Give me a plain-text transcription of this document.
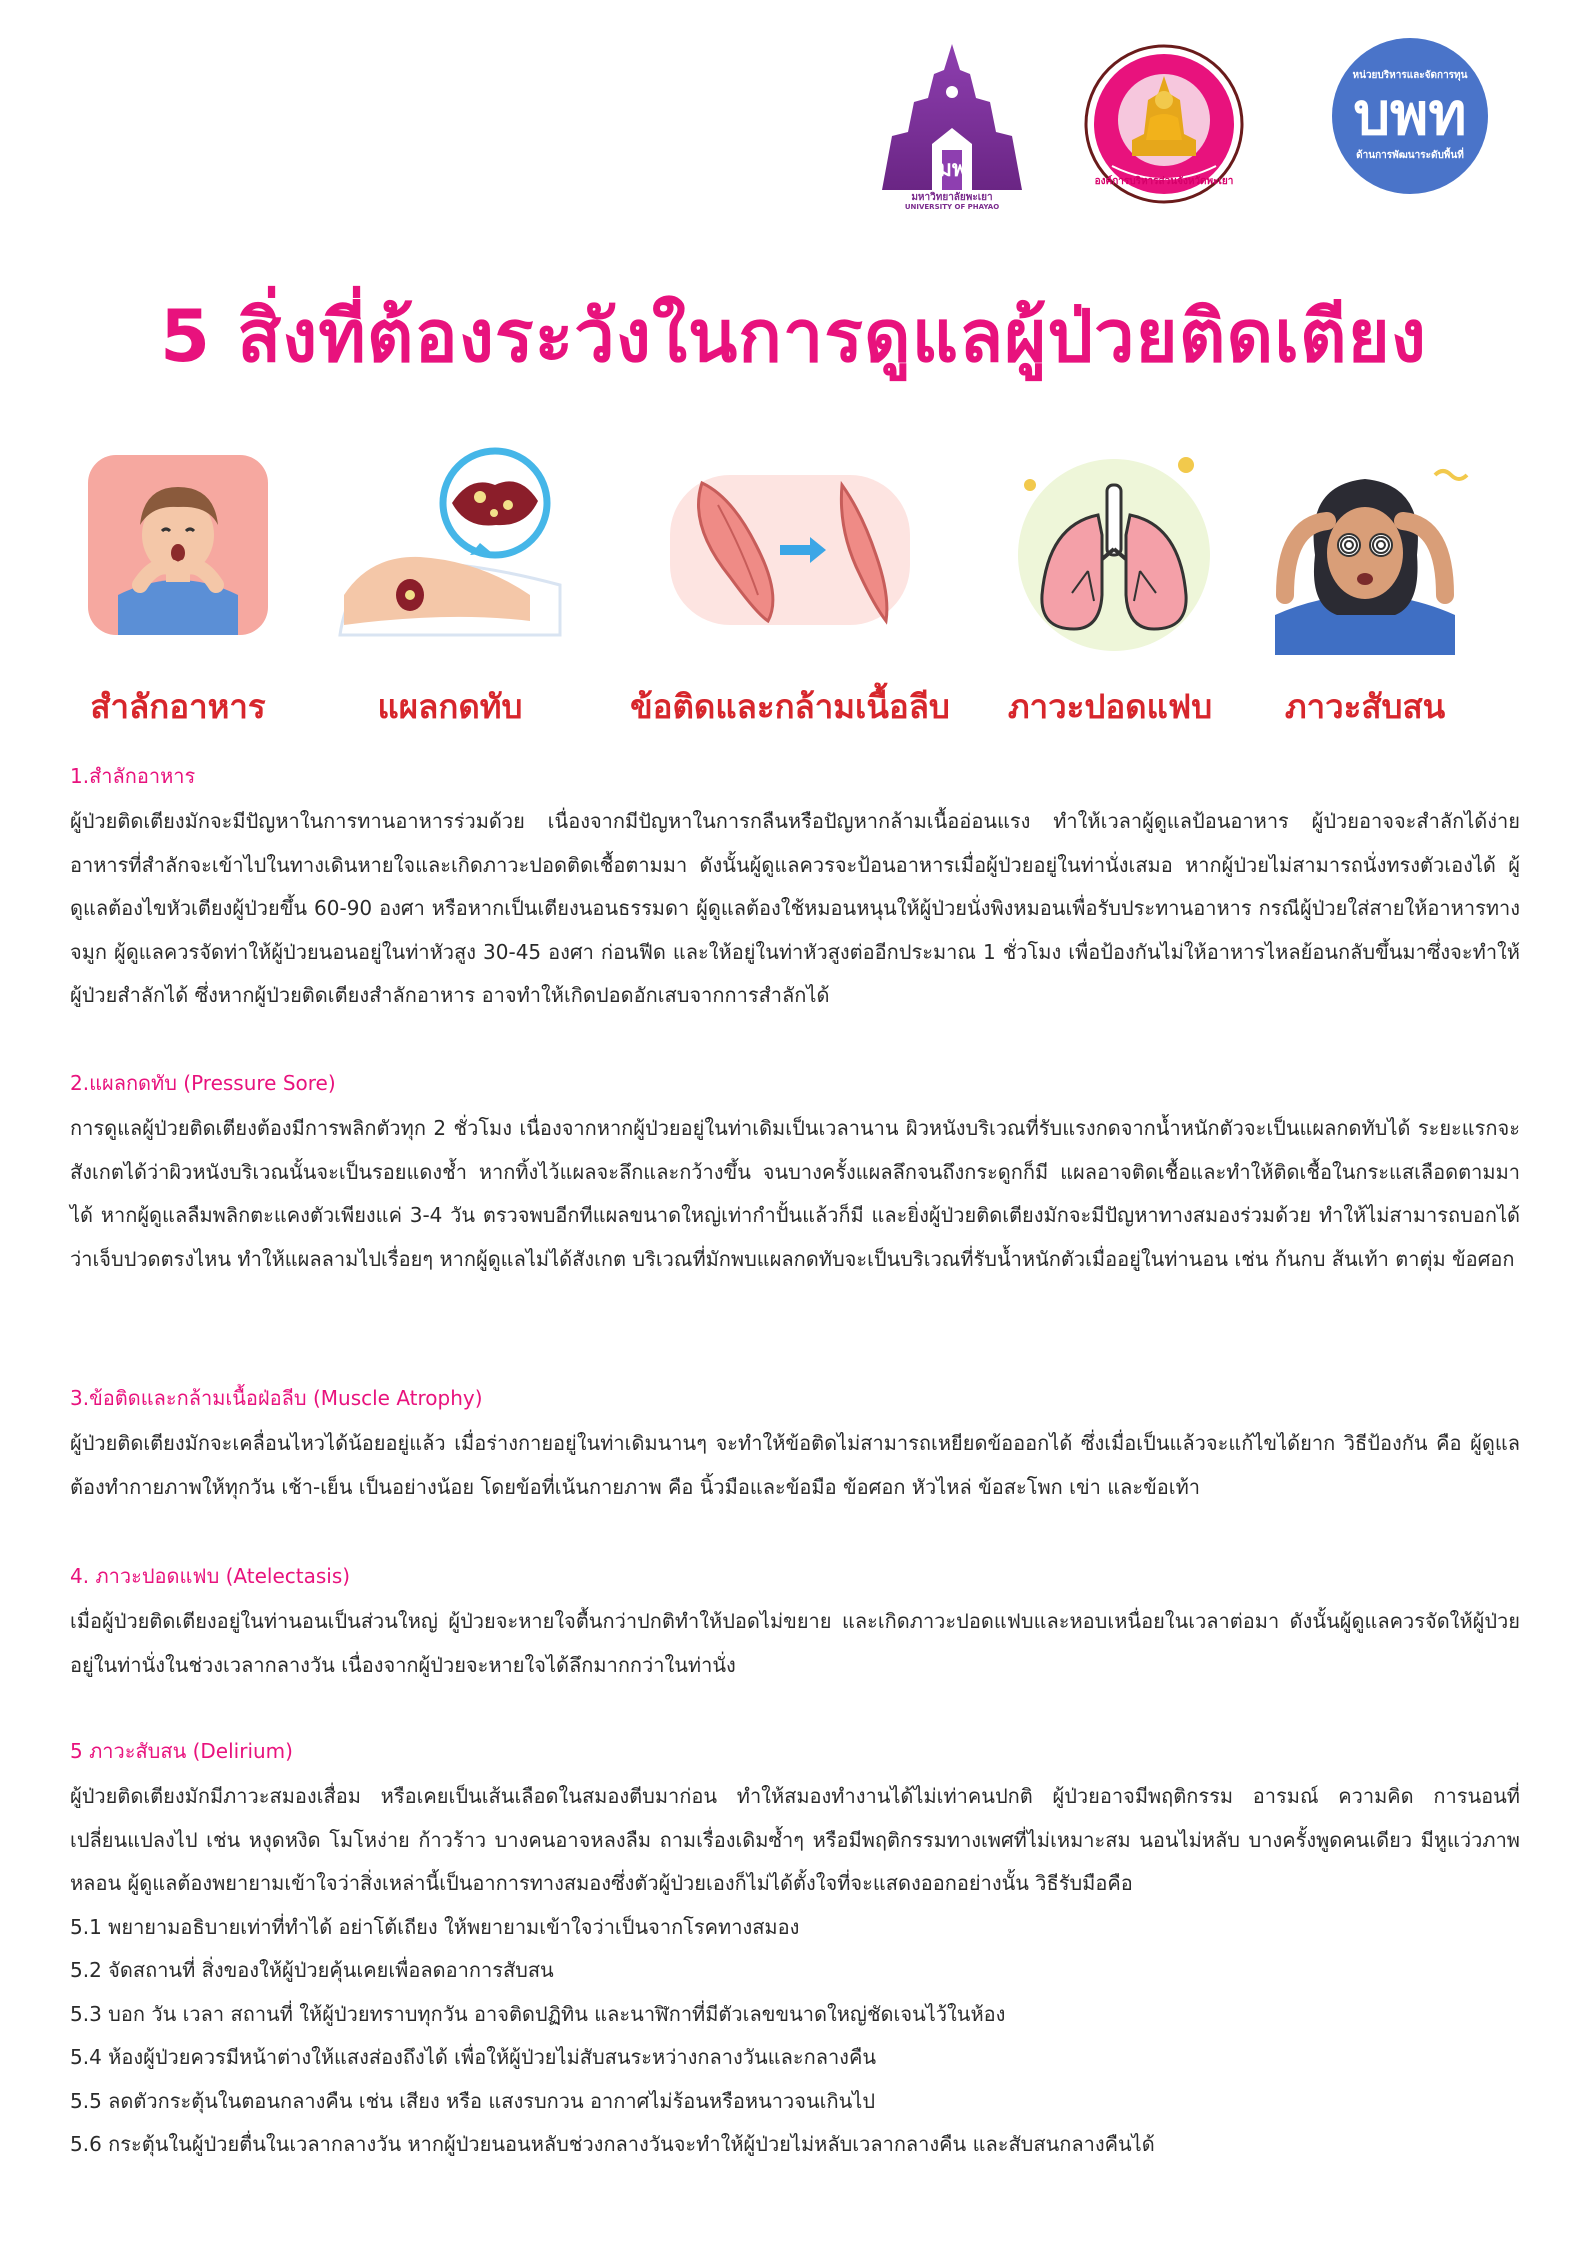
มพ
มหาวิทยาลัยพะเยา
UNIVERSITY OF PHAYAO
องค์การบริหารส่วนจังหวัดพะเยา
หน่วยบริหารและจัดการทุน
บพท
ด้านการพัฒนาระดับพื้นที่
5 สิ่งที่ต้องระวังในการดูแลผู้ป่วยติดเตียง
สำลักอาหาร	แผลกดทับ	ข้อติดและกล้ามเนื้อลีบ	ภาวะปอดแฟบ	ภาวะสับสน
1.สำลักอาหาร

ผู้ป่วยติดเตียงมักจะมีปัญหาในการทานอาหารร่วมด้วย เนื่องจากมีปัญหาในการกลืนหรือปัญหากล้ามเนื้ออ่อนแรง ทำให้เวลาผู้ดูแลป้อนอาหาร ผู้ป่วยอาจจะสำลักได้ง่าย อาหารที่สำลักจะเข้าไปในทางเดินหายใจและเกิดภาวะปอดติดเชื้อตามมา ดังนั้นผู้ดูแลควรจะป้อนอาหารเมื่อผู้ป่วยอยู่ในท่านั่งเสมอ หากผู้ป่วยไม่สามารถนั่งทรงตัวเองได้ ผู้ดูแลต้องไขหัวเตียงผู้ป่วยขึ้น 60-90 องศา หรือหากเป็นเตียงนอนธรรมดา ผู้ดูแลต้องใช้หมอนหนุนให้ผู้ป่วยนั่งพิงหมอนเพื่อรับประทานอาหาร กรณีผู้ป่วยใส่สายให้อาหารทางจมูก ผู้ดูแลควรจัดท่าให้ผู้ป่วยนอนอยู่ในท่าหัวสูง 30-45 องศา ก่อนฟีด และให้อยู่ในท่าหัวสูงต่ออีกประมาณ 1 ชั่วโมง เพื่อป้องกันไม่ให้อาหารไหลย้อนกลับขึ้นมาซึ่งจะทำให้ผู้ป่วยสำลักได้ ซึ่งหากผู้ป่วยติดเตียงสำลักอาหาร อาจทำให้เกิดปอดอักเสบจากการสำลักได้

2.แผลกดทับ (Pressure Sore)

การดูแลผู้ป่วยติดเตียงต้องมีการพลิกตัวทุก 2 ชั่วโมง เนื่องจากหากผู้ป่วยอยู่ในท่าเดิมเป็นเวลานาน ผิวหนังบริเวณที่รับแรงกดจากน้ำหนักตัวจะเป็นแผลกดทับได้ ระยะแรกจะสังเกตได้ว่าผิวหนังบริเวณนั้นจะเป็นรอยแดงช้ำ หากทิ้งไว้แผลจะลึกและกว้างขึ้น จนบางครั้งแผลลึกจนถึงกระดูกก็มี แผลอาจติดเชื้อและทำให้ติดเชื้อในกระแสเลือดตามมาได้ หากผู้ดูแลลืมพลิกตะแคงตัวเพียงแค่ 3-4 วัน ตรวจพบอีกทีแผลขนาดใหญ่เท่ากำปั้นแล้วก็มี และยิ่งผู้ป่วยติดเตียงมักจะมีปัญหาทางสมองร่วมด้วย ทำให้ไม่สามารถบอกได้ว่าเจ็บปวดตรงไหน ทำให้แผลลามไปเรื่อยๆ หากผู้ดูแลไม่ได้สังเกต บริเวณที่มักพบแผลกดทับจะเป็นบริเวณที่รับน้ำหนักตัวเมื่ออยู่ในท่านอน เช่น ก้นกบ ส้นเท้า ตาตุ่ม ข้อศอก

3.ข้อติดและกล้ามเนื้อฝ่อลีบ (Muscle Atrophy)

ผู้ป่วยติดเตียงมักจะเคลื่อนไหวได้น้อยอยู่แล้ว เมื่อร่างกายอยู่ในท่าเดิมนานๆ จะทำให้ข้อติดไม่สามารถเหยียดข้อออกได้ ซึ่งเมื่อเป็นแล้วจะแก้ไขได้ยาก วิธีป้องกัน คือ ผู้ดูแลต้องทำกายภาพให้ทุกวัน เช้า-เย็น เป็นอย่างน้อย โดยข้อที่เน้นกายภาพ คือ นิ้วมือและข้อมือ ข้อศอก หัวไหล่ ข้อสะโพก เข่า และข้อเท้า

4. ภาวะปอดแฟบ (Atelectasis)

เมื่อผู้ป่วยติดเตียงอยู่ในท่านอนเป็นส่วนใหญ่ ผู้ป่วยจะหายใจตื้นกว่าปกติทำให้ปอดไม่ขยาย และเกิดภาวะปอดแฟบและหอบเหนื่อยในเวลาต่อมา ดังนั้นผู้ดูแลควรจัดให้ผู้ป่วยอยู่ในท่านั่งในช่วงเวลากลางวัน เนื่องจากผู้ป่วยจะหายใจได้ลึกมากกว่าในท่านั่ง

5 ภาวะสับสน (Delirium)

ผู้ป่วยติดเตียงมักมีภาวะสมองเสื่อม หรือเคยเป็นเส้นเลือดในสมองตีบมาก่อน ทำให้สมองทำงานได้ไม่เท่าคนปกติ ผู้ป่วยอาจมีพฤติกรรม อารมณ์ ความคิด การนอนที่เปลี่ยนแปลงไป เช่น หงุดหงิด โมโหง่าย ก้าวร้าว บางคนอาจหลงลืม ถามเรื่องเดิมซ้ำๆ หรือมีพฤติกรรมทางเพศที่ไม่เหมาะสม นอนไม่หลับ บางครั้งพูดคนเดียว มีหูแว่วภาพหลอน ผู้ดูแลต้องพยายามเข้าใจว่าสิ่งเหล่านี้เป็นอาการทางสมองซึ่งตัวผู้ป่วยเองก็ไม่ได้ตั้งใจที่จะแสดงออกอย่างนั้น วิธีรับมือคือ

5.1 พยายามอธิบายเท่าที่ทำได้ อย่าโต้เถียง ให้พยายามเข้าใจว่าเป็นจากโรคทางสมอง

5.2 จัดสถานที่ สิ่งของให้ผู้ป่วยคุ้นเคยเพื่อลดอาการสับสน

5.3 บอก วัน เวลา สถานที่ ให้ผู้ป่วยทราบทุกวัน อาจติดปฏิทิน และนาฬิกาที่มีตัวเลขขนาดใหญ่ชัดเจนไว้ในห้อง

5.4 ห้องผู้ป่วยควรมีหน้าต่างให้แสงส่องถึงได้ เพื่อให้ผู้ป่วยไม่สับสนระหว่างกลางวันและกลางคืน

5.5 ลดตัวกระตุ้นในตอนกลางคืน เช่น เสียง หรือ แสงรบกวน อากาศไม่ร้อนหรือหนาวจนเกินไป

5.6 กระตุ้นในผู้ป่วยตื่นในเวลากลางวัน หากผู้ป่วยนอนหลับช่วงกลางวันจะทำให้ผู้ป่วยไม่หลับเวลากลางคืน และสับสนกลางคืนได้
